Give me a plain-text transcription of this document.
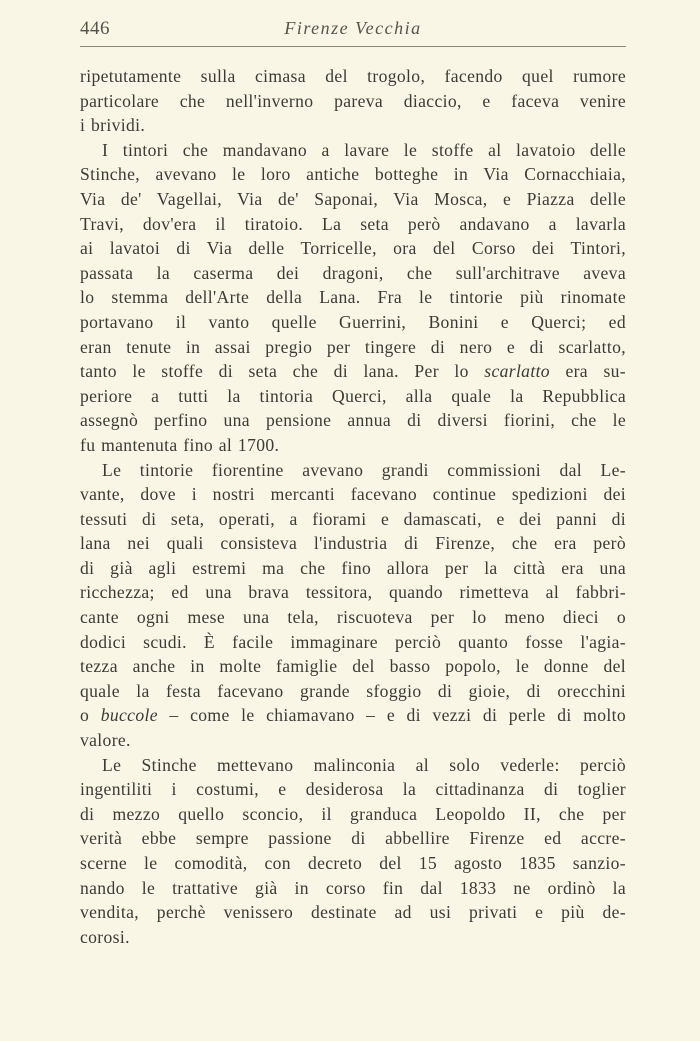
446	Firenze Vecchia
ripetutamente sulla cimasa del trogolo, facendo quel rumore
particolare che nell'inverno pareva diaccio, e faceva venire
i brividi.
I tintori che mandavano a lavare le stoffe al lavatoio delle
Stinche, avevano le loro antiche botteghe in Via Cornacchiaia,
Via de' Vagellai, Via de' Saponai, Via Mosca, e Piazza delle
Travi, dov'era il tiratoio. La seta però andavano a lavarla
ai lavatoi di Via delle Torricelle, ora del Corso dei Tintori,
passata la caserma dei dragoni, che sull'architrave aveva
lo stemma dell'Arte della Lana. Fra le tintorie più rinomate
portavano il vanto quelle Guerrini, Bonini e Querci; ed
eran tenute in assai pregio per tingere di nero e di scarlatto,
tanto le stoffe di seta che di lana. Per lo scarlatto era su-
periore a tutti la tintoria Querci, alla quale la Repubblica
assegnò perfino una pensione annua di diversi fiorini, che le
fu mantenuta fino al 1700.
Le tintorie fiorentine avevano grandi commissioni dal Le-
vante, dove i nostri mercanti facevano continue spedizioni dei
tessuti di seta, operati, a fiorami e damascati, e dei panni di
lana nei quali consisteva l'industria di Firenze, che era però
di già agli estremi ma che fino allora per la città era una
ricchezza; ed una brava tessitora, quando rimetteva al fabbri-
cante ogni mese una tela, riscuoteva per lo meno dieci o
dodici scudi. È facile immaginare perciò quanto fosse l'agia-
tezza anche in molte famiglie del basso popolo, le donne del
quale la festa facevano grande sfoggio di gioie, di orecchini
o buccole – come le chiamavano – e di vezzi di perle di molto
valore.
Le Stinche mettevano malinconia al solo vederle: perciò
ingentiliti i costumi, e desiderosa la cittadinanza di toglier
di mezzo quello sconcio, il granduca Leopoldo II, che per
verità ebbe sempre passione di abbellire Firenze ed accre-
scerne le comodità, con decreto del 15 agosto 1835 sanzio-
nando le trattative già in corso fin dal 1833 ne ordinò la
vendita, perchè venissero destinate ad usi privati e più de-
corosi.
